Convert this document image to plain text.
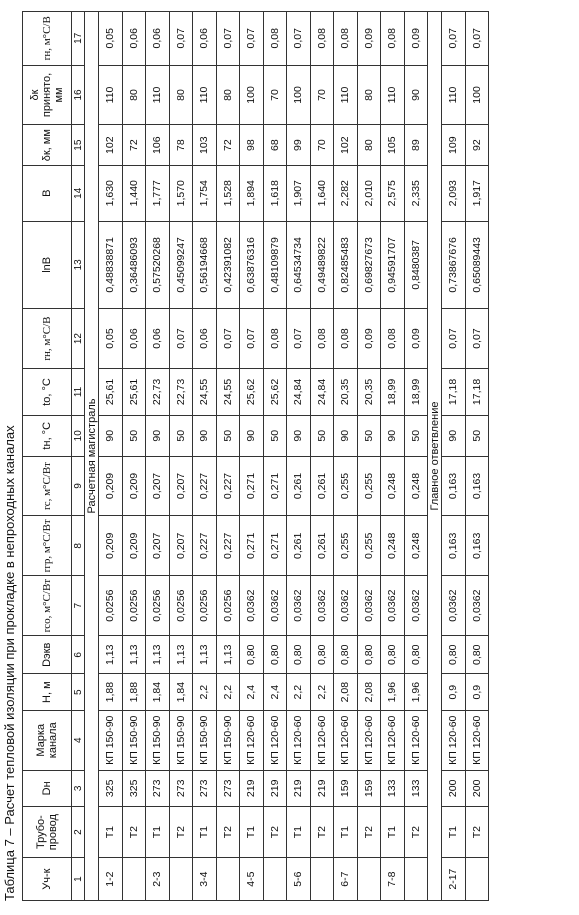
Таблица 7 – Расчет тепловой изоляции при прокладке в непроходных каналах Уч-к	Трубо-провод	Dн	Марка канала	Н, м	Dэкв	rсо, м°С/Вт	rгр, м°С/Вт	rс, м°С/Вт	tн, °С	tо, °С	rн, м°С/В	lnB	B	δк, мм	δк принято, мм	rн, м°С/В
1	2	3	4	5	6	7	8	9	10	11	12	13	14	15	16	17
Расчетная магистраль																
1-2	Т1	325	КП 150-90	1,88	1,13	0,0256	0,209	0,209	90	25,61	0,05	0,48838871	1,630	102	110	0,05
	Т2	325	КП 150-90	1,88	1,13	0,0256	0,209	0,209	50	25,61	0,06	0,36486093	1,440	72	80	0,06
2-3	Т1	273	КП 150-90	1,84	1,13	0,0256	0,207	0,207	90	22,73	0,06	0,57520268	1,777	106	110	0,06
	Т2	273	КП 150-90	1,84	1,13	0,0256	0,207	0,207	50	22,73	0,07	0,45099247	1,570	78	80	0,07
3-4	Т1	273	КП 150-90	2,2	1,13	0,0256	0,227	0,227	90	24,55	0,06	0,56194668	1,754	103	110	0,06
	Т2	273	КП 150-90	2,2	1,13	0,0256	0,227	0,227	50	24,55	0,07	0,42391082	1,528	72	80	0,07
4-5	Т1	219	КП 120-60	2,4	0,80	0,0362	0,271	0,271	90	25,62	0,07	0,63876316	1,894	98	100	0,07
	Т2	219	КП 120-60	2,4	0,80	0,0362	0,271	0,271	50	25,62	0,08	0,48109879	1,618	68	70	0,08
5-6	Т1	219	КП 120-60	2,2	0,80	0,0362	0,261	0,261	90	24,84	0,07	0,64534734	1,907	99	100	0,07
	Т2	219	КП 120-60	2,2	0,80	0,0362	0,261	0,261	50	24,84	0,08	0,49489822	1,640	70	70	0,08
6-7	Т1	159	КП 120-60	2,08	0,80	0,0362	0,255	0,255	90	20,35	0,08	0,82485483	2,282	102	110	0,08
	Т2	159	КП 120-60	2,08	0,80	0,0362	0,255	0,255	50	20,35	0,09	0,69827673	2,010	80	80	0,09
7-8	Т1	133	КП 120-60	1,96	0,80	0,0362	0,248	0,248	90	18,99	0,08	0,94591707	2,575	105	110	0,08
	Т2	133	КП 120-60	1,96	0,80	0,0362	0,248	0,248	50	18,99	0,09	0,8480387	2,335	89	90	0,09
Главное ответвление																
2-17	Т1	200	КП 120-60	0,9	0,80	0,0362	0,163	0,163	90	17,18	0,07	0,73867676	2,093	109	110	0,07
	Т2	200	КП 120-60	0,9	0,80	0,0362	0,163	0,163	50	17,18	0,07	0,65089443	1,917	92	100	0,07
